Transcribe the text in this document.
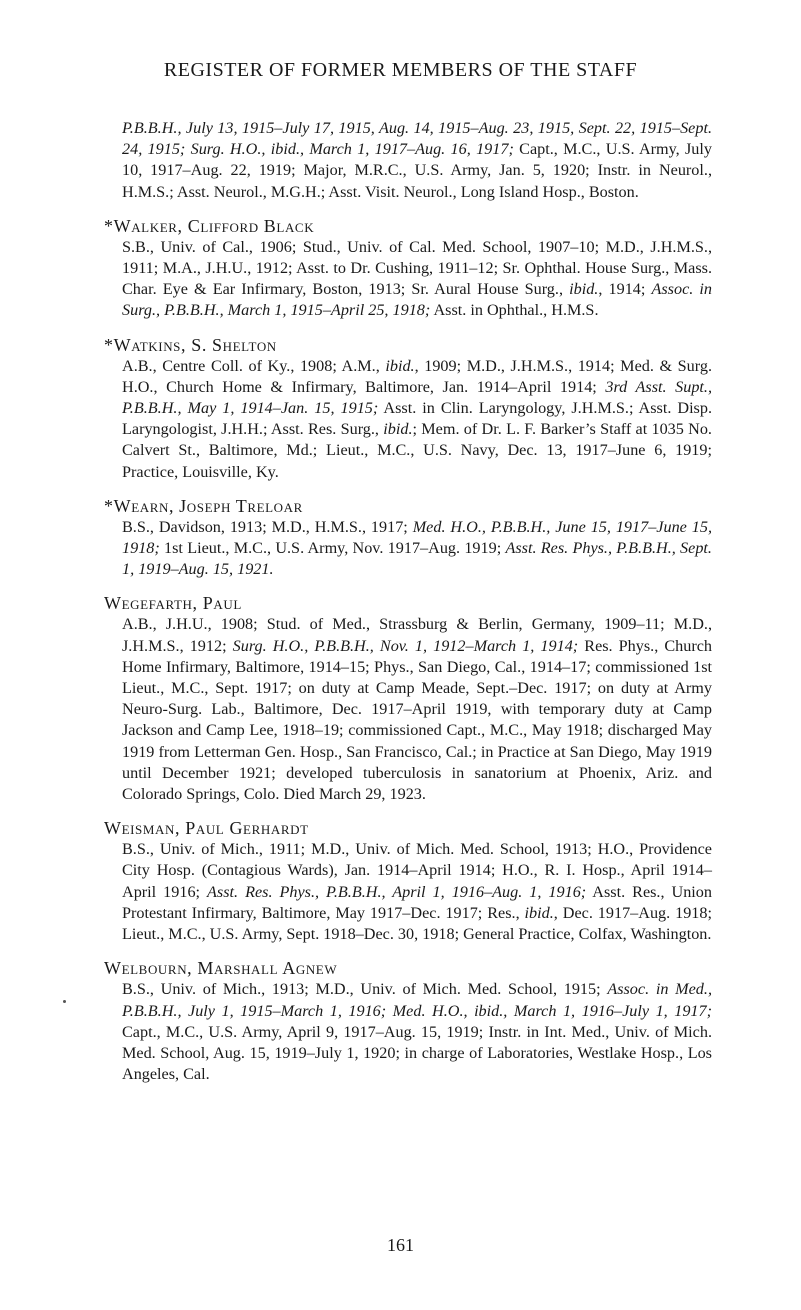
REGISTER OF FORMER MEMBERS OF THE STAFF
P.B.B.H., July 13, 1915–July 17, 1915, Aug. 14, 1915–Aug. 23, 1915, Sept. 22, 1915–Sept. 24, 1915; Surg. H.O., ibid., March 1, 1917–Aug. 16, 1917; Capt., M.C., U.S. Army, July 10, 1917–Aug. 22, 1919; Major, M.R.C., U.S. Army, Jan. 5, 1920; Instr. in Neurol., H.M.S.; Asst. Neurol., M.G.H.; Asst. Visit. Neurol., Long Island Hosp., Boston.
*Walker, Clifford Black
S.B., Univ. of Cal., 1906; Stud., Univ. of Cal. Med. School, 1907–10; M.D., J.H.M.S., 1911; M.A., J.H.U., 1912; Asst. to Dr. Cushing, 1911–12; Sr. Ophthal. House Surg., Mass. Char. Eye & Ear Infirmary, Boston, 1913; Sr. Aural House Surg., ibid., 1914; Assoc. in Surg., P.B.B.H., March 1, 1915–April 25, 1918; Asst. in Ophthal., H.M.S.
*Watkins, S. Shelton
A.B., Centre Coll. of Ky., 1908; A.M., ibid., 1909; M.D., J.H.M.S., 1914; Med. & Surg. H.O., Church Home & Infirmary, Baltimore, Jan. 1914–April 1914; 3rd Asst. Supt., P.B.B.H., May 1, 1914–Jan. 15, 1915; Asst. in Clin. Laryngology, J.H.M.S.; Asst. Disp. Laryngologist, J.H.H.; Asst. Res. Surg., ibid.; Mem. of Dr. L. F. Barker’s Staff at 1035 No. Calvert St., Baltimore, Md.; Lieut., M.C., U.S. Navy, Dec. 13, 1917–June 6, 1919; Practice, Louisville, Ky.
*Wearn, Joseph Treloar
B.S., Davidson, 1913; M.D., H.M.S., 1917; Med. H.O., P.B.B.H., June 15, 1917–June 15, 1918; 1st Lieut., M.C., U.S. Army, Nov. 1917–Aug. 1919; Asst. Res. Phys., P.B.B.H., Sept. 1, 1919–Aug. 15, 1921.
Wegefarth, Paul
A.B., J.H.U., 1908; Stud. of Med., Strassburg & Berlin, Germany, 1909–11; M.D., J.H.M.S., 1912; Surg. H.O., P.B.B.H., Nov. 1, 1912–March 1, 1914; Res. Phys., Church Home Infirmary, Baltimore, 1914–15; Phys., San Diego, Cal., 1914–17; commissioned 1st Lieut., M.C., Sept. 1917; on duty at Camp Meade, Sept.–Dec. 1917; on duty at Army Neuro-Surg. Lab., Baltimore, Dec. 1917–April 1919, with temporary duty at Camp Jackson and Camp Lee, 1918–19; commissioned Capt., M.C., May 1918; discharged May 1919 from Letterman Gen. Hosp., San Francisco, Cal.; in Practice at San Diego, May 1919 until December 1921; developed tuberculosis in sanatorium at Phoenix, Ariz. and Colorado Springs, Colo. Died March 29, 1923.
Weisman, Paul Gerhardt
B.S., Univ. of Mich., 1911; M.D., Univ. of Mich. Med. School, 1913; H.O., Providence City Hosp. (Contagious Wards), Jan. 1914–April 1914; H.O., R. I. Hosp., April 1914–April 1916; Asst. Res. Phys., P.B.B.H., April 1, 1916–Aug. 1, 1916; Asst. Res., Union Protestant Infirmary, Baltimore, May 1917–Dec. 1917; Res., ibid., Dec. 1917–Aug. 1918; Lieut., M.C., U.S. Army, Sept. 1918–Dec. 30, 1918; General Practice, Colfax, Washington.
Welbourn, Marshall Agnew
B.S., Univ. of Mich., 1913; M.D., Univ. of Mich. Med. School, 1915; Assoc. in Med., P.B.B.H., July 1, 1915–March 1, 1916; Med. H.O., ibid., March 1, 1916–July 1, 1917; Capt., M.C., U.S. Army, April 9, 1917–Aug. 15, 1919; Instr. in Int. Med., Univ. of Mich. Med. School, Aug. 15, 1919–July 1, 1920; in charge of Laboratories, Westlake Hosp., Los Angeles, Cal.
161
